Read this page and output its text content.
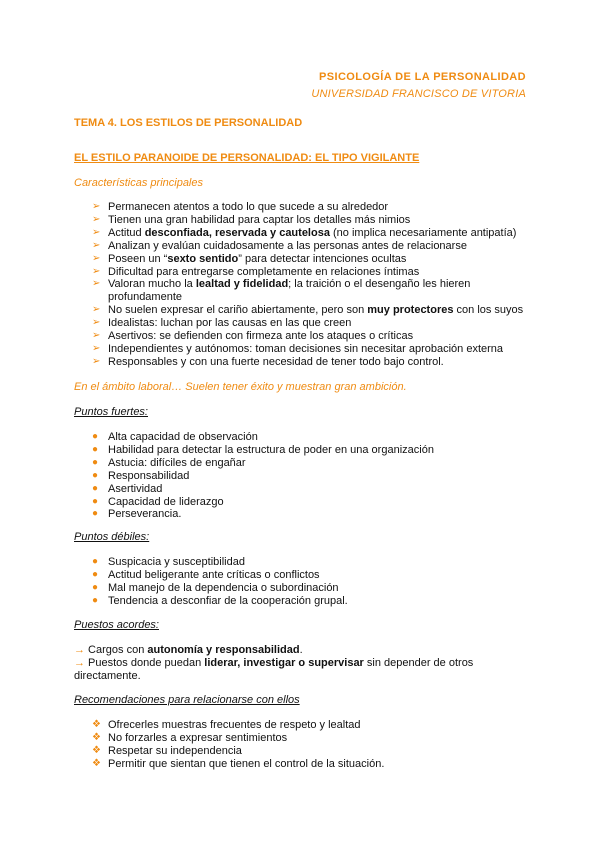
PSICOLOGÍA DE LA PERSONALIDAD
UNIVERSIDAD FRANCISCO DE VITORIA
TEMA 4. LOS ESTILOS DE PERSONALIDAD
EL ESTILO PARANOIDE DE PERSONALIDAD: EL TIPO VIGILANTE
Características principales
➢ Permanecen atentos a todo lo que sucede a su alrededor
➢ Tienen una gran habilidad para captar los detalles más nimios
➢ Actitud desconfiada, reservada y cautelosa (no implica necesariamente antipatía)
➢ Analizan y evalúan cuidadosamente a las personas antes de relacionarse
➢ Poseen un “sexto sentido” para detectar intenciones ocultas
➢ Dificultad para entregarse completamente en relaciones íntimas
➢ Valoran mucho la lealtad y fidelidad; la traición o el desengaño les hieren profundamente
➢ No suelen expresar el cariño abiertamente, pero son muy protectores con los suyos
➢ Idealistas: luchan por las causas en las que creen
➢ Asertivos: se defienden con firmeza ante los ataques o críticas
➢ Independientes y autónomos: toman decisiones sin necesitar aprobación externa
➢ Responsables y con una fuerte necesidad de tener todo bajo control.
En el ámbito laboral… Suelen tener éxito y muestran gran ambición.
Puntos fuertes:
● Alta capacidad de observación
● Habilidad para detectar la estructura de poder en una organización
● Astucia: difíciles de engañar
● Responsabilidad
● Asertividad
● Capacidad de liderazgo
● Perseverancia.
Puntos débiles:
● Suspicacia y susceptibilidad
● Actitud beligerante ante críticas o conflictos
● Mal manejo de la dependencia o subordinación
● Tendencia a desconfiar de la cooperación grupal.
Puestos acordes:
→ Cargos con autonomía y responsabilidad.
→ Puestos donde puedan liderar, investigar o supervisar sin depender de otros directamente.
Recomendaciones para relacionarse con ellos
❖ Ofrecerles muestras frecuentes de respeto y lealtad
❖ No forzarles a expresar sentimientos
❖ Respetar su independencia
❖ Permitir que sientan que tienen el control de la situación.
